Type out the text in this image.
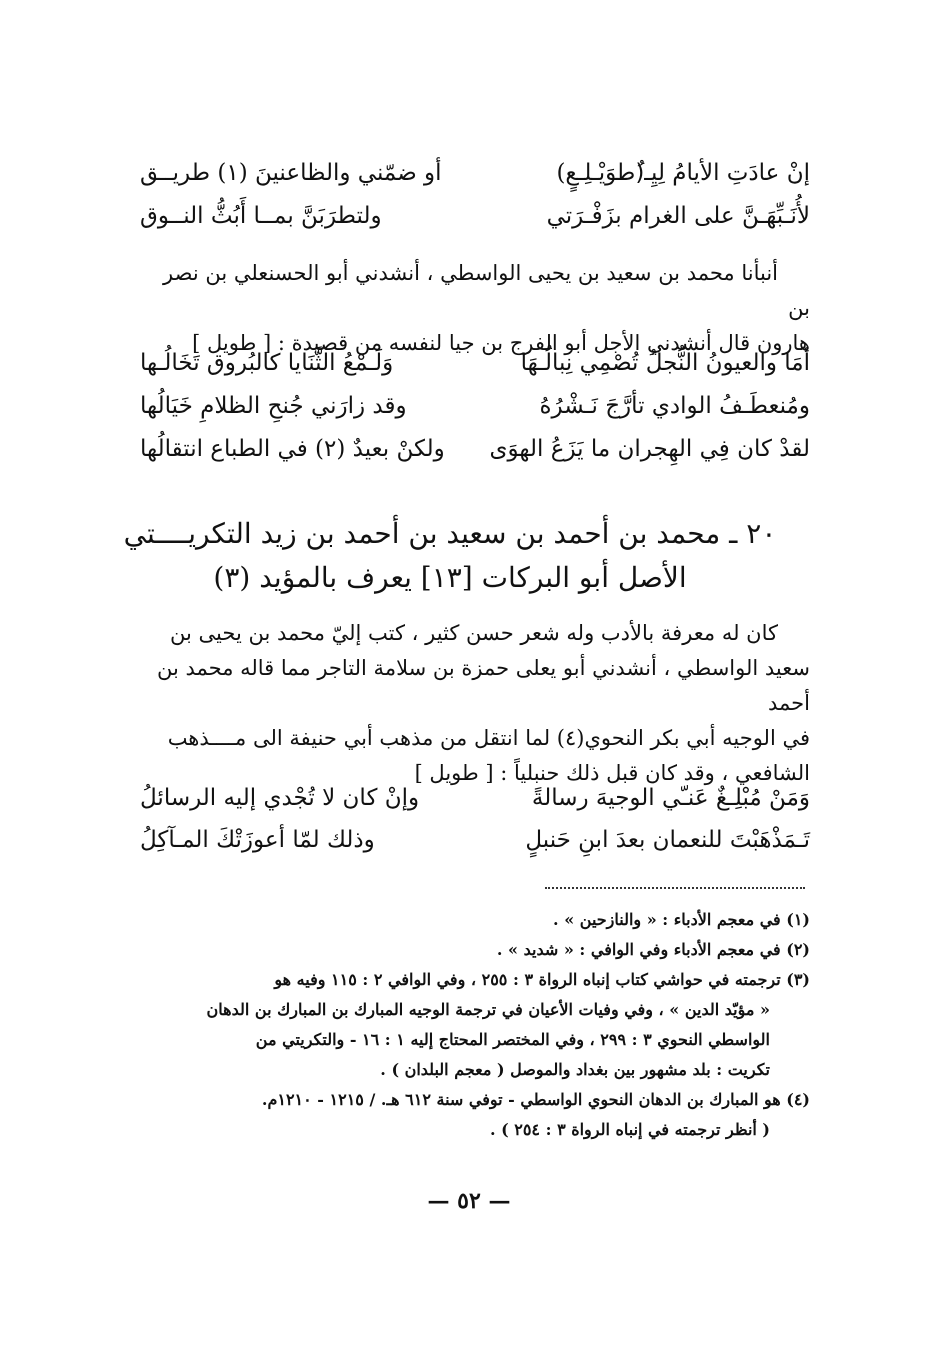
إنْ عادَتِ الأيامُ لِيِـ(ُطوَيْـلِـعٍ)
أو ضمّني والظاعنينَ (١) طريــق
لأُنَـبِّهَـنَّ على الغرام بزَفْـرَتي
ولتطرَبَنَّ بمــا أَبُثُّ النــوق
أنبأنا محمد بن سعيد بن يحيى الواسطي ، أنشدني أبو الحسنعلي بن نصر بن
هارون قال أنشدني الأجل أبو الفرج بن جيا لنفسه من قصيدة : [ طويل ]
أمَا والعيونُ النُّجلُ تُصْمِي نِبالُـهَا
وَلَـمْعُ الثَّنَايا كالبُروق تَخَالُـها
ومُنعطَـفُ الوادي تأرَّجَ نَـشْرُهُ
وقد زارَني جُنحِ الظلامِ خَيَالُها
لقدْ كان فِي الهِجران ما يَزَعُ الهوَى
ولكنْ بعيدٌ (٢) في الطباع انتقالُها
٢٠ ـ محمد بن أحمد بن سعيد بن أحمد بن زيد التكريــــتي
الأصل أبو البركات [١٣] يعرف بالمؤيد (٣)
كان له معرفة بالأدب وله شعر حسن كثير ، كتب إليّ محمد بن يحيى بن
سعيد الواسطي ، أنشدني أبو يعلى حمزة بن سلامة التاجر مما قاله محمد بن أحمد
في الوجيه أبي بكر النحوي(٤) لما انتقل من مذهب أبي حنيفة الى مــــذهب
الشافعي ، وقد كان قبل ذلك حنبلياً : [ طويل ]
وَمَنْ مُبْلِـغٌ عَنـّي الوجيهَ رسالةً
وإنْ كان لا تُجْدي إليه الرسائلُ
تَـمَذْهَبْتَ للنعمان بعدَ ابنِ حَنبلٍ
وذلك لمّا أعوزَتْكَ المـآكِلُ
(١) في معجم الأدباء : « والنازحين » .
(٢) في معجم الأدباء وفي الوافي : « شديد » .
(٣) ترجمته في حواشي كتاب إنباه الرواة ٣ : ٢٥٥ ، وفي الوافي ٢ : ١١٥ وفيه هو
« مؤيّد الدين » ، وفي وفيات الأعيان في ترجمة الوجيه المبارك بن المبارك بن الدهان
الواسطي النحوي ٣ : ٢٩٩ ، وفي المختصر المحتاج إليه ١ : ١٦ - والتكريتي من
تكريت : بلد مشهور بين بغداد والموصل ( معجم البلدان ) .
(٤) هو المبارك بن الدهان النحوي الواسطي - توفي سنة ٦١٢ هـ. / ١٢١٥ - ١٢١٠م.
( أنظر ترجمته في إنباه الرواة ٣ : ٢٥٤ ) .
— ٥٢ —
